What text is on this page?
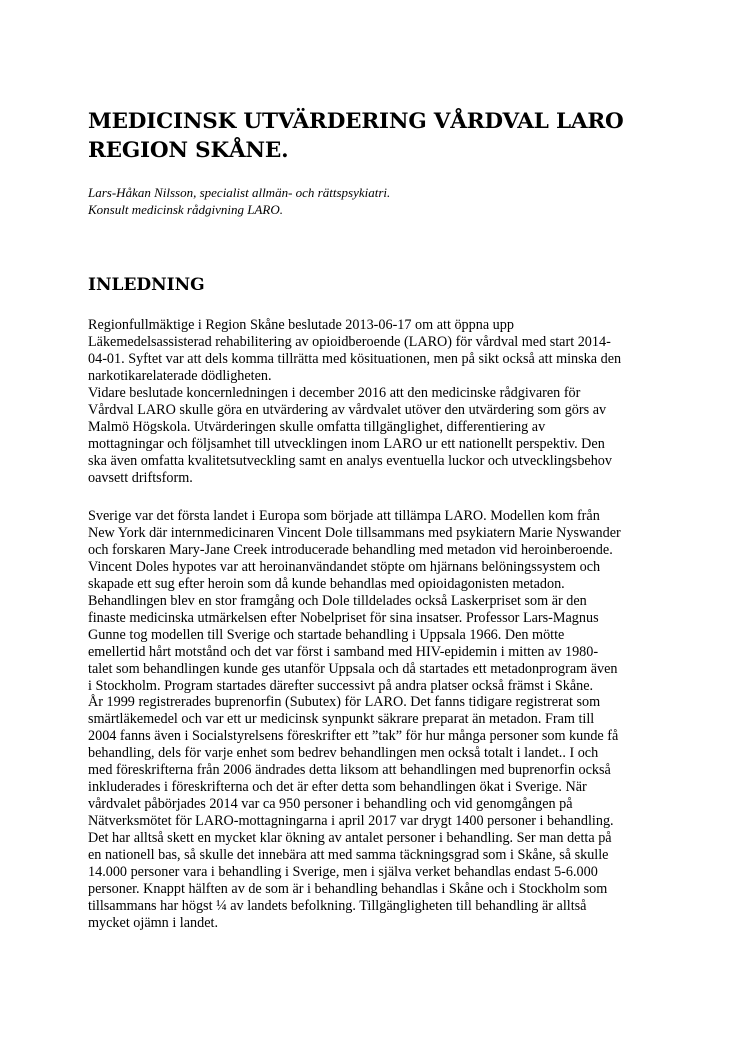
MEDICINSK UTVÄRDERING VÅRDVAL LARO
REGION SKÅNE.
Lars-Håkan Nilsson, specialist allmän- och rättspsykiatri.
Konsult medicinsk rådgivning LARO.
INLEDNING
Regionfullmäktige i Region Skåne beslutade 2013-06-17 om att öppna upp
Läkemedelsassisterad rehabilitering av opioidberoende (LARO) för vårdval med start 2014-
04-01. Syftet var att dels komma tillrätta med kösituationen, men på sikt också att minska den
narkotikarelaterade dödligheten.
Vidare beslutade koncernledningen i december 2016 att den medicinske rådgivaren för
Vårdval LARO skulle göra en utvärdering av vårdvalet utöver den utvärdering som görs av
Malmö Högskola. Utvärderingen skulle omfatta tillgänglighet, differentiering av
mottagningar och följsamhet till utvecklingen inom LARO ur ett nationellt perspektiv. Den
ska även omfatta kvalitetsutveckling samt en analys eventuella luckor och utvecklingsbehov
oavsett driftsform.
Sverige var det första landet i Europa som började att tillämpa LARO. Modellen kom från
New York där internmedicinaren Vincent Dole tillsammans med psykiatern Marie Nyswander
och forskaren Mary-Jane Creek introducerade behandling med metadon vid heroinberoende.
Vincent Doles hypotes var att heroinanvändandet stöpte om hjärnans belöningssystem och
skapade ett sug efter heroin som då kunde behandlas med opioidagonisten metadon.
Behandlingen blev en stor framgång och Dole tilldelades också Laskerpriset som är den
finaste medicinska utmärkelsen efter Nobelpriset för sina insatser. Professor Lars-Magnus
Gunne tog modellen till Sverige och startade behandling i Uppsala 1966. Den mötte
emellertid hårt motstånd och det var först i samband med HIV-epidemin i mitten av 1980-
talet som behandlingen kunde ges utanför Uppsala och då startades ett metadonprogram även
i Stockholm. Program startades därefter successivt på andra platser också främst i Skåne.
År 1999 registrerades buprenorfin (Subutex) för LARO. Det fanns tidigare registrerat som
smärtläkemedel och var ett ur medicinsk synpunkt säkrare preparat än metadon. Fram till
2004 fanns även i Socialstyrelsens föreskrifter ett ”tak” för hur många personer som kunde få
behandling, dels för varje enhet som bedrev behandlingen men också totalt i landet.. I och
med föreskrifterna från 2006 ändrades detta liksom att behandlingen med buprenorfin också
inkluderades i föreskrifterna och det är efter detta som behandlingen ökat i Sverige. När
vårdvalet påbörjades 2014 var ca 950 personer i behandling och vid genomgången på
Nätverksmötet för LARO-mottagningarna i april 2017 var drygt 1400 personer i behandling.
Det har alltså skett en mycket klar ökning av antalet personer i behandling. Ser man detta på
en nationell bas, så skulle det innebära att med samma täckningsgrad som i Skåne, så skulle
14.000 personer vara i behandling i Sverige, men i själva verket behandlas endast 5-6.000
personer. Knappt hälften av de som är i behandling behandlas i Skåne och i Stockholm som
tillsammans har högst ¼ av landets befolkning. Tillgängligheten till behandling är alltså
mycket ojämn i landet.
